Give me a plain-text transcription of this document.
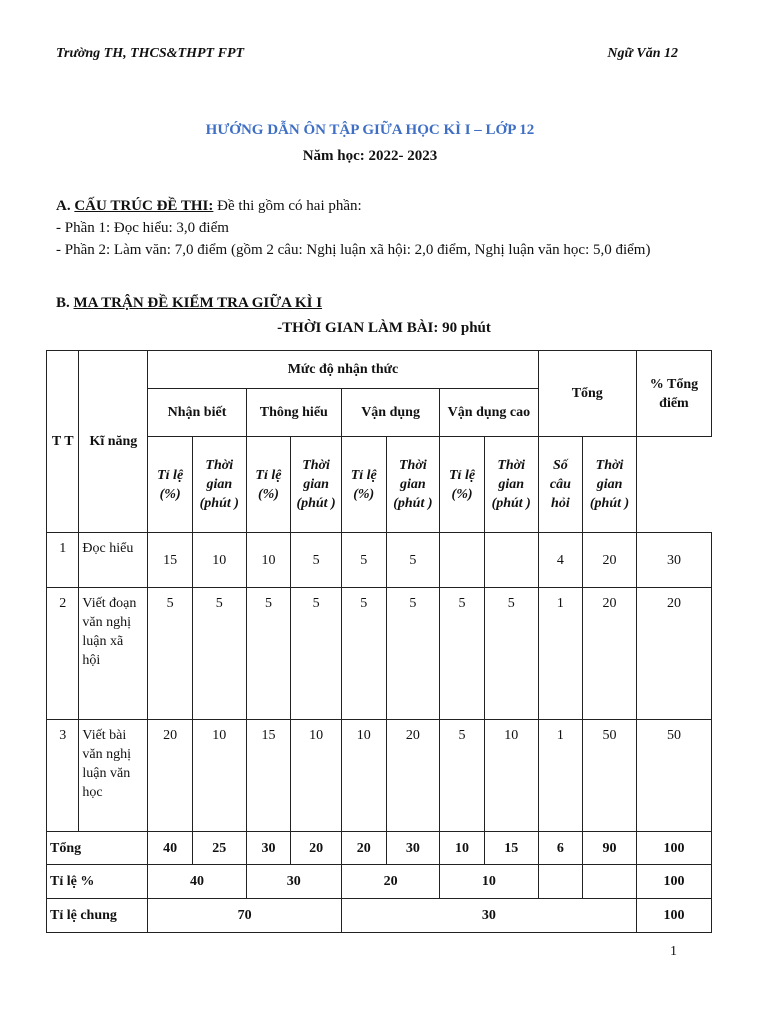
Trường TH, THCS&THPT FPT	Ngữ Văn 12
HƯỚNG DẪN ÔN TẬP GIỮA HỌC KÌ I – LỚP 12
Năm học: 2022- 2023
A. CẤU TRÚC ĐỀ THI: Đề thi gồm có hai phần:
- Phần 1: Đọc hiểu: 3,0 điểm
- Phần 2: Làm văn: 7,0 điểm (gồm 2 câu: Nghị luận xã hội: 2,0 điểm, Nghị luận văn học: 5,0 điểm)
B. MA TRẬN ĐỀ KIỂM TRA GIỮA KÌ I
-THỜI GIAN LÀM BÀI: 90 phút
T T	Kĩ năng	Mức độ nhận thức								Tổng		% Tổng điểm
		Nhận biết		Thông hiểu		Vận dụng		Vận dụng cao				
		Tỉ lệ (%)	Thời gian (phút )	Tỉ lệ (%)	Thời gian (phút )	Tỉ lệ (%)	Thời gian (phút )	Tỉ lệ (%)	Thời gian (phút )	Số câu hỏi	Thời gian (phút )	
1	Đọc hiểu	15	10	10	5	5	5			4	20	30
2	Viết đoạn văn nghị luận xã hội	5	5	5	5	5	5	5	5	1	20	20
3	Viết bài văn nghị luận văn học	20	10	15	10	10	20	5	10	1	50	50
Tổng		40	25	30	20	20	30	10	15	6	90	100
Tỉ lệ %		40		30		20		10				100
Tỉ lệ chung		70				30						100
1
